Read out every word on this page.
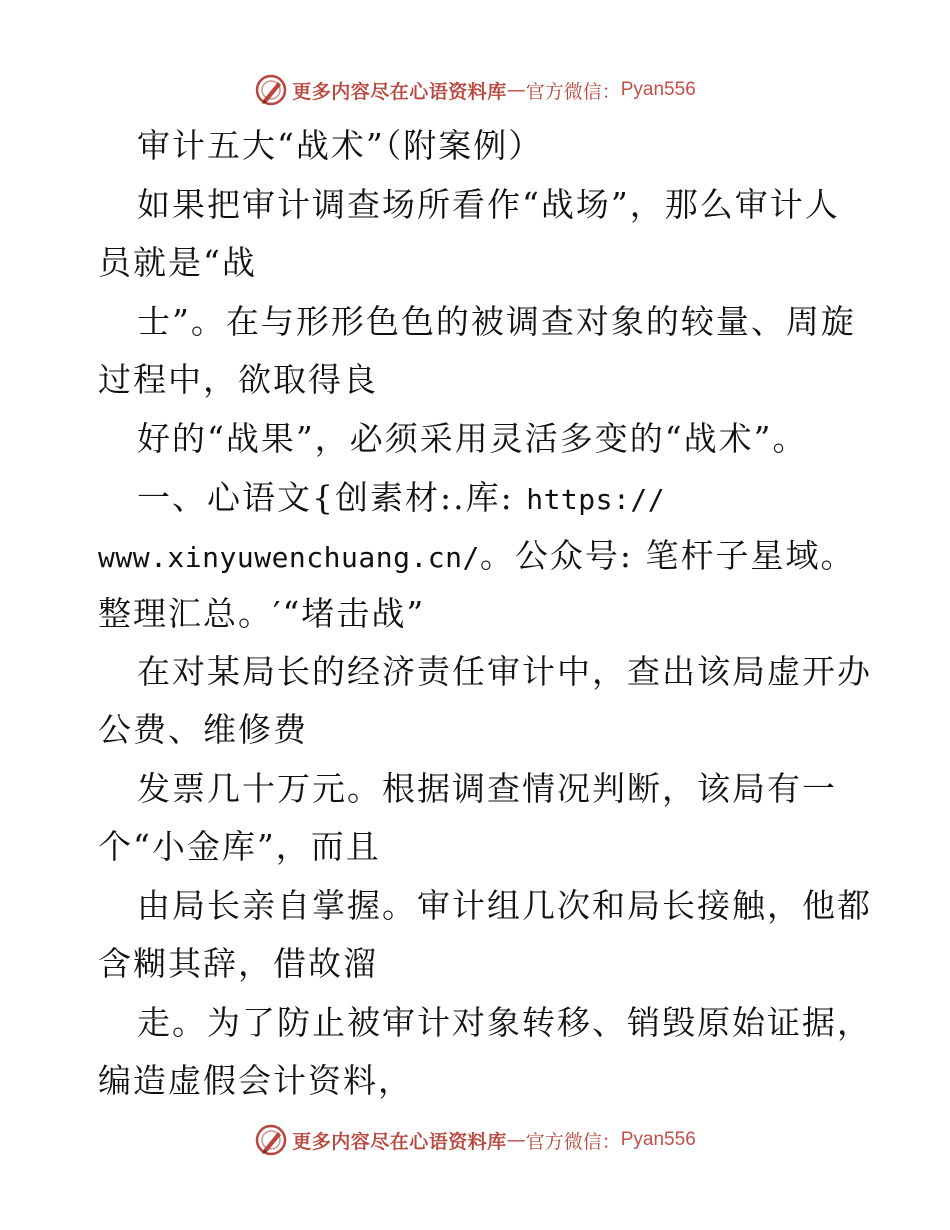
更多内容尽在心语资料库 — 官方微信： Pyan556
审计五大“战术”（附案例）
如果把审计调查场所看作“战场”，那么审计人
员就是“战
士”。在与形形色色的被调查对象的较量、周旋
过程中，欲取得良
好的“战果”，必须采用灵活多变的“战术”。
一、心语文{创素材:.库: https://
www.xinyuwenchuang.cn/。公众号: 笔杆子星域。
整理汇总。′“堵击战”
在对某局长的经济责任审计中，查出该局虚开办
公费、维修费
发票几十万元。根据调查情况判断，该局有一
个“小金库”，而且
由局长亲自掌握。审计组几次和局长接触，他都
含糊其辞，借故溜
走。为了防止被审计对象转移、销毁原始证据，
编造虚假会计资料，
更多内容尽在心语资料库 — 官方微信： Pyan556
